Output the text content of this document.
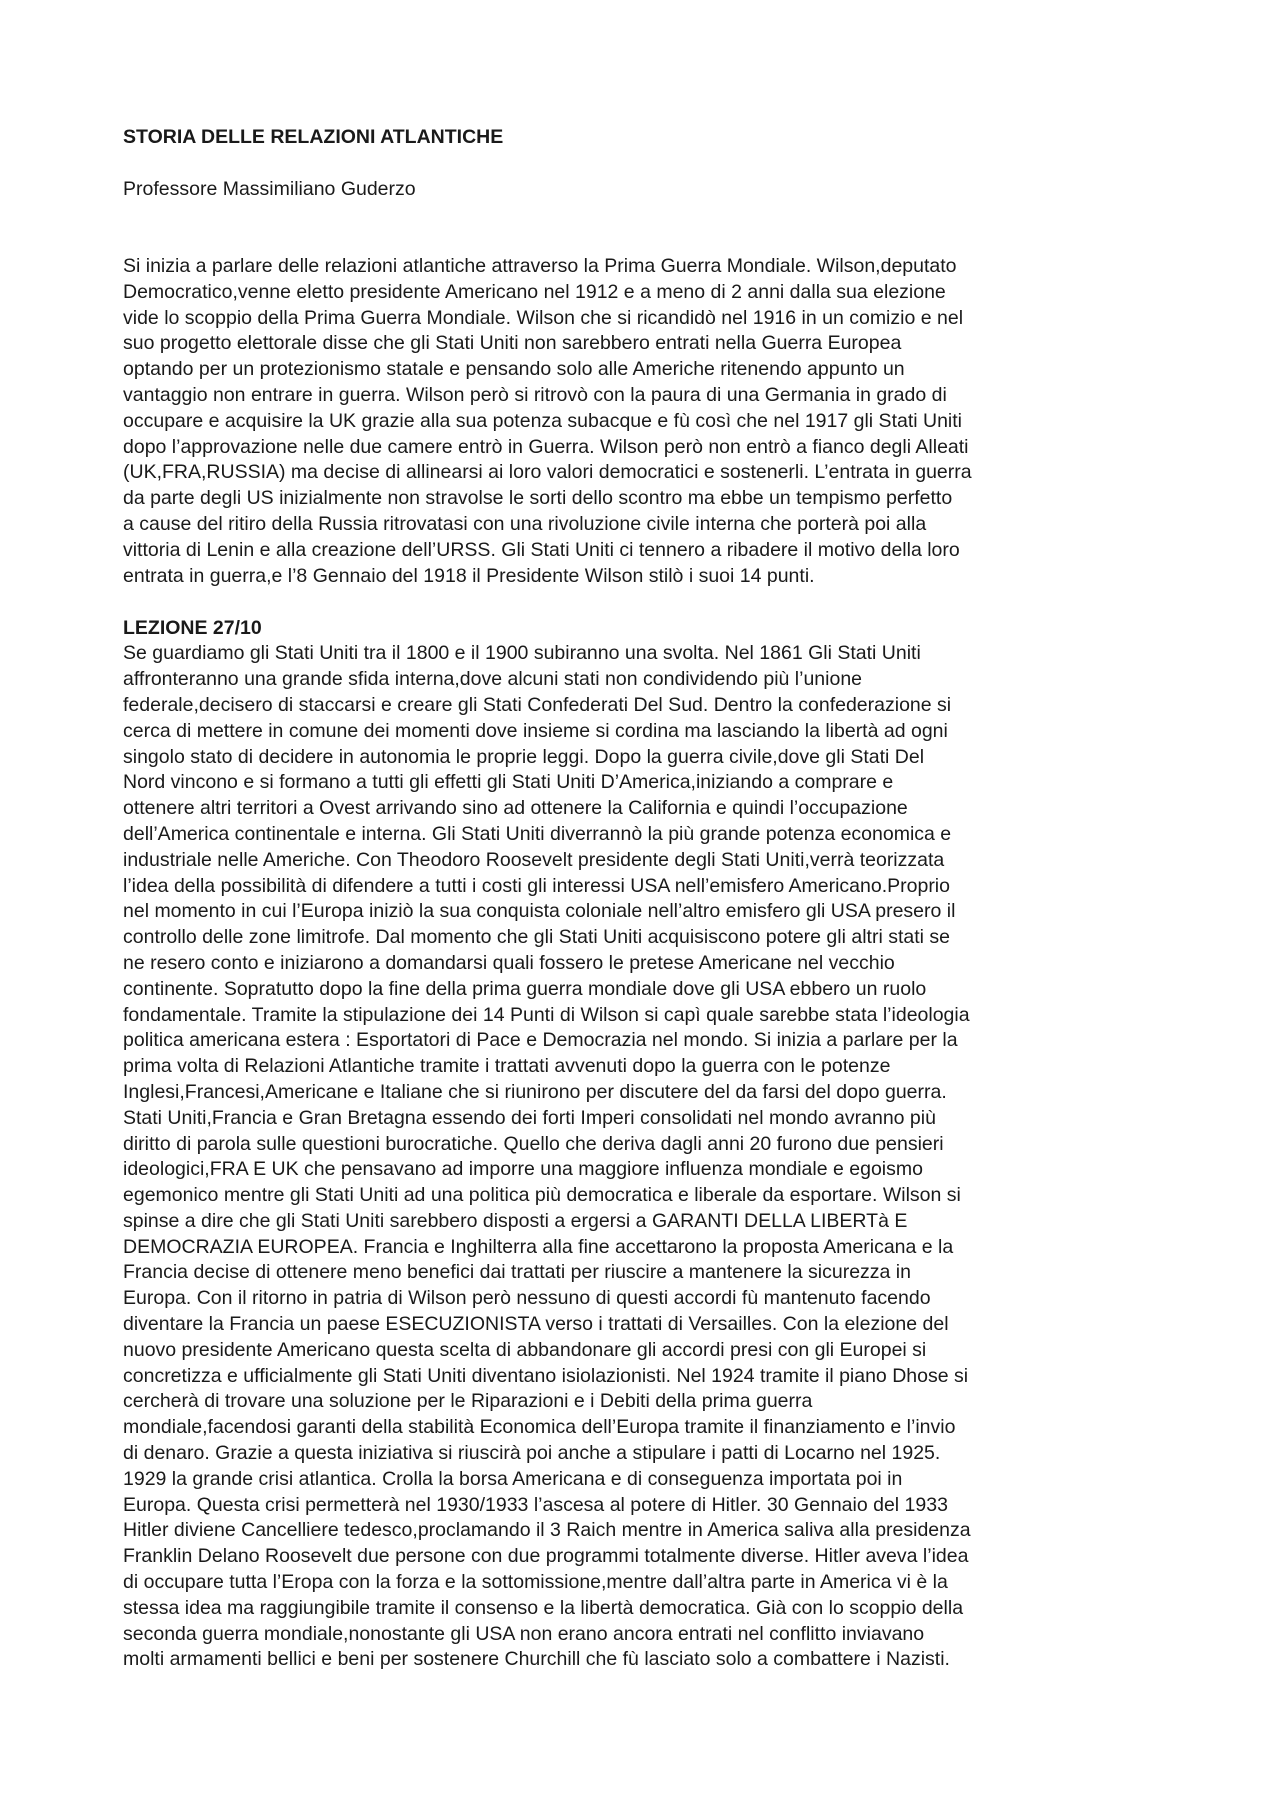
STORIA DELLE RELAZIONI ATLANTICHE
Professore Massimiliano Guderzo
Si inizia a parlare delle relazioni atlantiche attraverso la Prima Guerra Mondiale. Wilson,deputato
Democratico,venne eletto presidente Americano nel 1912 e a meno di 2 anni dalla sua elezione
vide lo scoppio della Prima Guerra Mondiale. Wilson che si ricandidò nel 1916 in un comizio e nel
suo progetto elettorale disse che gli Stati Uniti non sarebbero entrati nella Guerra Europea
optando per un protezionismo statale e pensando solo alle Americhe ritenendo appunto un
vantaggio non entrare in guerra. Wilson però si ritrovò con la paura di una Germania in grado di
occupare e acquisire la UK grazie alla sua potenza subacque e fù così che nel 1917 gli Stati Uniti
dopo l’approvazione nelle due camere entrò in Guerra. Wilson però non entrò a fianco degli Alleati
(UK,FRA,RUSSIA) ma decise di allinearsi ai loro valori democratici e sostenerli. L’entrata in guerra
da parte degli US inizialmente non stravolse le sorti dello scontro ma ebbe un tempismo perfetto
a cause del ritiro della Russia ritrovatasi con una rivoluzione civile interna che porterà poi alla
vittoria di Lenin e alla creazione dell’URSS. Gli Stati Uniti ci tennero a ribadere il motivo della loro
entrata in guerra,e l’8 Gennaio del 1918 il Presidente Wilson stilò i suoi 14 punti.
LEZIONE 27/10
Se guardiamo gli Stati Uniti tra il 1800 e il 1900 subiranno una svolta. Nel 1861 Gli Stati Uniti
affronteranno una grande sfida interna,dove alcuni stati non condividendo più l’unione
federale,decisero di staccarsi e creare gli Stati Confederati Del Sud. Dentro la confederazione si
cerca di mettere in comune dei momenti dove insieme si cordina ma lasciando la libertà ad ogni
singolo stato di decidere in autonomia le proprie leggi. Dopo la guerra civile,dove gli Stati Del
Nord vincono e si formano a tutti gli effetti gli Stati Uniti D’America,iniziando a comprare e
ottenere altri territori a Ovest arrivando sino ad ottenere la California e quindi l’occupazione
dell’America continentale e interna. Gli Stati Uniti diverrannò la più grande potenza economica e
industriale nelle Americhe. Con Theodoro Roosevelt presidente degli Stati Uniti,verrà teorizzata
l’idea della possibilità di difendere a tutti i costi gli interessi USA nell’emisfero Americano.Proprio
nel momento in cui l’Europa iniziò la sua conquista coloniale nell’altro emisfero gli USA presero il
controllo delle zone limitrofe. Dal momento che gli Stati Uniti acquisiscono potere gli altri stati se
ne resero conto e iniziarono a domandarsi quali fossero le pretese Americane nel vecchio
continente. Sopratutto dopo la fine della prima guerra mondiale dove gli USA ebbero un ruolo
fondamentale. Tramite la stipulazione dei 14 Punti di Wilson si capì quale sarebbe stata l’ideologia
politica americana estera : Esportatori di Pace e Democrazia nel mondo. Si inizia a parlare per la
prima volta di Relazioni Atlantiche tramite i trattati avvenuti dopo la guerra con le potenze
Inglesi,Francesi,Americane e Italiane che si riunirono per discutere del da farsi del dopo guerra.
Stati Uniti,Francia e Gran Bretagna essendo dei forti Imperi consolidati nel mondo avranno più
diritto di parola sulle questioni burocratiche. Quello che deriva dagli anni 20 furono due pensieri
ideologici,FRA E UK che pensavano ad imporre una maggiore influenza mondiale e egoismo
egemonico mentre gli Stati Uniti ad una politica più democratica e liberale da esportare. Wilson si
spinse a dire che gli Stati Uniti sarebbero disposti a ergersi a GARANTI DELLA LIBERTà E
DEMOCRAZIA EUROPEA. Francia e Inghilterra alla fine accettarono la proposta Americana e la
Francia decise di ottenere meno benefici dai trattati per riuscire a mantenere la sicurezza in
Europa. Con il ritorno in patria di Wilson però nessuno di questi accordi fù mantenuto facendo
diventare la Francia un paese ESECUZIONISTA verso i trattati di Versailles. Con la elezione del
nuovo presidente Americano questa scelta di abbandonare gli accordi presi con gli Europei si
concretizza e ufficialmente gli Stati Uniti diventano isiolazionisti. Nel 1924 tramite il piano Dhose si
cercherà di trovare una soluzione per le Riparazioni e i Debiti della prima guerra
mondiale,facendosi garanti della stabilità Economica dell’Europa tramite il finanziamento e l’invio
di denaro. Grazie a questa iniziativa si riuscirà poi anche a stipulare i patti di Locarno nel 1925.
1929 la grande crisi atlantica. Crolla la borsa Americana e di conseguenza importata poi in
Europa. Questa crisi permetterà nel 1930/1933 l’ascesa al potere di Hitler. 30 Gennaio del 1933
Hitler diviene Cancelliere tedesco,proclamando il 3 Raich mentre in America saliva alla presidenza
Franklin Delano Roosevelt due persone con due programmi totalmente diverse. Hitler aveva l’idea
di occupare tutta l’Eropa con la forza e la sottomissione,mentre dall’altra parte in America vi è la
stessa idea ma raggiungibile tramite il consenso e la libertà democratica. Già con lo scoppio della
seconda guerra mondiale,nonostante gli USA non erano ancora entrati nel conflitto inviavano
molti armamenti bellici e beni per sostenere Churchill che fù lasciato solo a combattere i Nazisti.
